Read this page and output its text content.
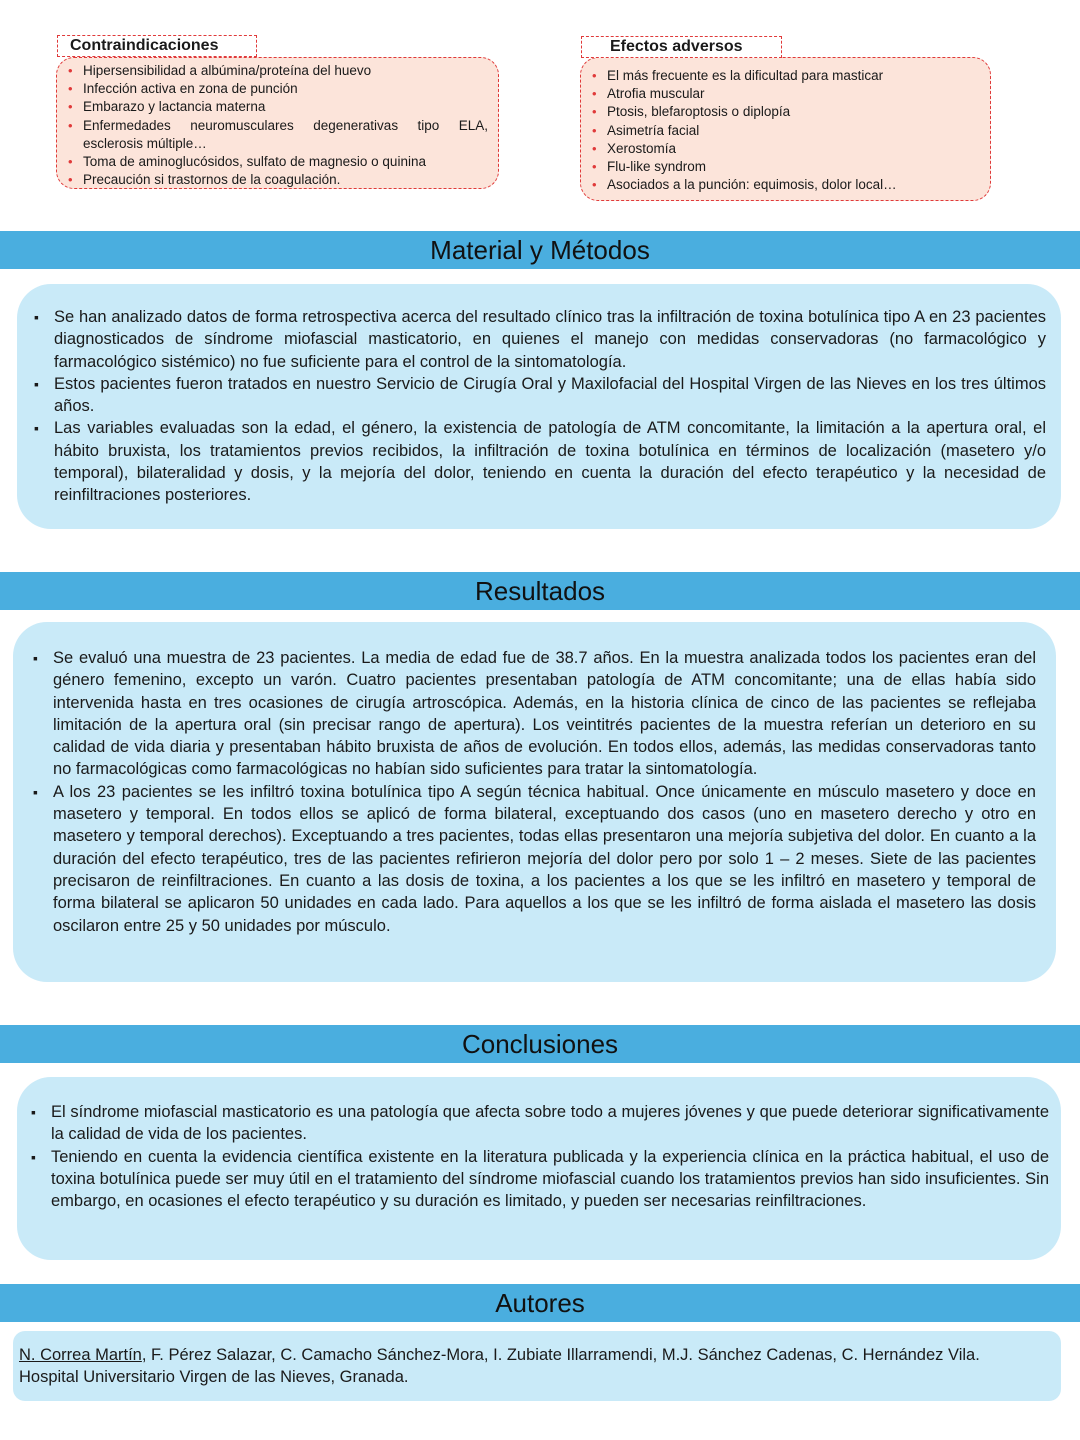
Contraindicaciones
• Hipersensibilidad a albúmina/proteína del huevo
• Infección activa en zona de punción
• Embarazo y lactancia materna
• Enfermedades neuromusculares degenerativas tipo ELA, esclerosis múltiple…
• Toma de aminoglucósidos, sulfato de magnesio o quinina
• Precaución si trastornos de la coagulación.
Efectos adversos
• El más frecuente es la dificultad para masticar
• Atrofia muscular
• Ptosis, blefaroptosis o diplopía
• Asimetría facial
• Xerostomía
• Flu-like syndrom
• Asociados a la punción: equimosis, dolor local…
Material y Métodos
▪ Se han analizado datos de forma retrospectiva acerca del resultado clínico tras la infiltración de toxina botulínica tipo A en 23 pacientes diagnosticados de síndrome miofascial masticatorio, en quienes el manejo con medidas conservadoras (no farmacológico y farmacológico sistémico) no fue suficiente para el control de la sintomatología.
▪ Estos pacientes fueron tratados en nuestro Servicio de Cirugía Oral y Maxilofacial del Hospital Virgen de las Nieves en los tres últimos años.
▪ Las variables evaluadas son la edad, el género, la existencia de patología de ATM concomitante, la limitación a la apertura oral, el hábito bruxista, los tratamientos previos recibidos, la infiltración de toxina botulínica en términos de localización (masetero y/o temporal), bilateralidad y dosis, y la mejoría del dolor, teniendo en cuenta la duración del efecto terapéutico y la necesidad de reinfiltraciones posteriores.
Resultados
▪ Se evaluó una muestra de 23 pacientes. La media de edad fue de 38.7 años. En la muestra analizada todos los pacientes eran del género femenino, excepto un varón. Cuatro pacientes presentaban patología de ATM concomitante; una de ellas había sido intervenida hasta en tres ocasiones de cirugía artroscópica. Además, en la historia clínica de cinco de las pacientes se reflejaba limitación de la apertura oral (sin precisar rango de apertura). Los veintitrés pacientes de la muestra referían un deterioro en su calidad de vida diaria y presentaban hábito bruxista de años de evolución. En todos ellos, además, las medidas conservadoras tanto no farmacológicas como farmacológicas no habían sido suficientes para tratar la sintomatología.
▪ A los 23 pacientes se les infiltró toxina botulínica tipo A según técnica habitual. Once únicamente en músculo masetero y doce en masetero y temporal. En todos ellos se aplicó de forma bilateral, exceptuando dos casos (uno en masetero derecho y otro en masetero y temporal derechos). Exceptuando a tres pacientes, todas ellas presentaron una mejoría subjetiva del dolor. En cuanto a la duración del efecto terapéutico, tres de las pacientes refirieron mejoría del dolor pero por solo 1 – 2 meses. Siete de las pacientes precisaron de reinfiltraciones. En cuanto a las dosis de toxina, a los pacientes a los que se les infiltró en masetero y temporal de forma bilateral se aplicaron 50 unidades en cada lado. Para aquellos a los que se les infiltró de forma aislada el masetero las dosis oscilaron entre 25 y 50 unidades por músculo.
Conclusiones
▪ El síndrome miofascial masticatorio es una patología que afecta sobre todo a mujeres jóvenes y que puede deteriorar significativamente la calidad de vida de los pacientes.
▪ Teniendo en cuenta la evidencia científica existente en la literatura publicada y la experiencia clínica en la práctica habitual, el uso de toxina botulínica puede ser muy útil en el tratamiento del síndrome miofascial cuando los tratamientos previos han sido insuficientes. Sin embargo, en ocasiones el efecto terapéutico y su duración es limitado, y pueden ser necesarias reinfiltraciones.
Autores
N. Correa Martín, F. Pérez Salazar, C. Camacho Sánchez-Mora, I. Zubiate Illarramendi, M.J. Sánchez Cadenas, C. Hernández Vila.
Hospital Universitario Virgen de las Nieves, Granada.
